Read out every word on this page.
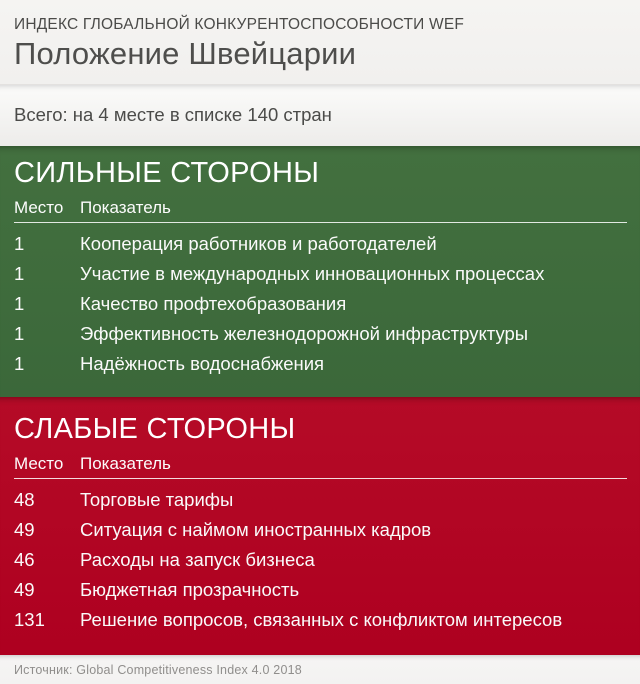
ИНДЕКС ГЛОБАЛЬНОЙ КОНКУРЕНТОСПОСОБНОСТИ WEF
Положение Швейцарии
Всего: на 4 месте в списке 140 стран
СИЛЬНЫЕ СТОРОНЫ
Место Показатель
1	Кооперация работников и работодателей
1	Участие в международных инновационных процессах
1	Качество профтехобразования
1	Эффективность железнодорожной инфраструктуры
1	Надёжность водоснабжения
СЛАБЫЕ СТОРОНЫ
Место Показатель
48	Торговые тарифы
49	Ситуация с наймом иностранных кадров
46	Расходы на запуск бизнеса
49	Бюджетная прозрачность
131	Решение вопросов, связанных с конфликтом интересов
Источник: Global Competitiveness Index 4.0 2018
